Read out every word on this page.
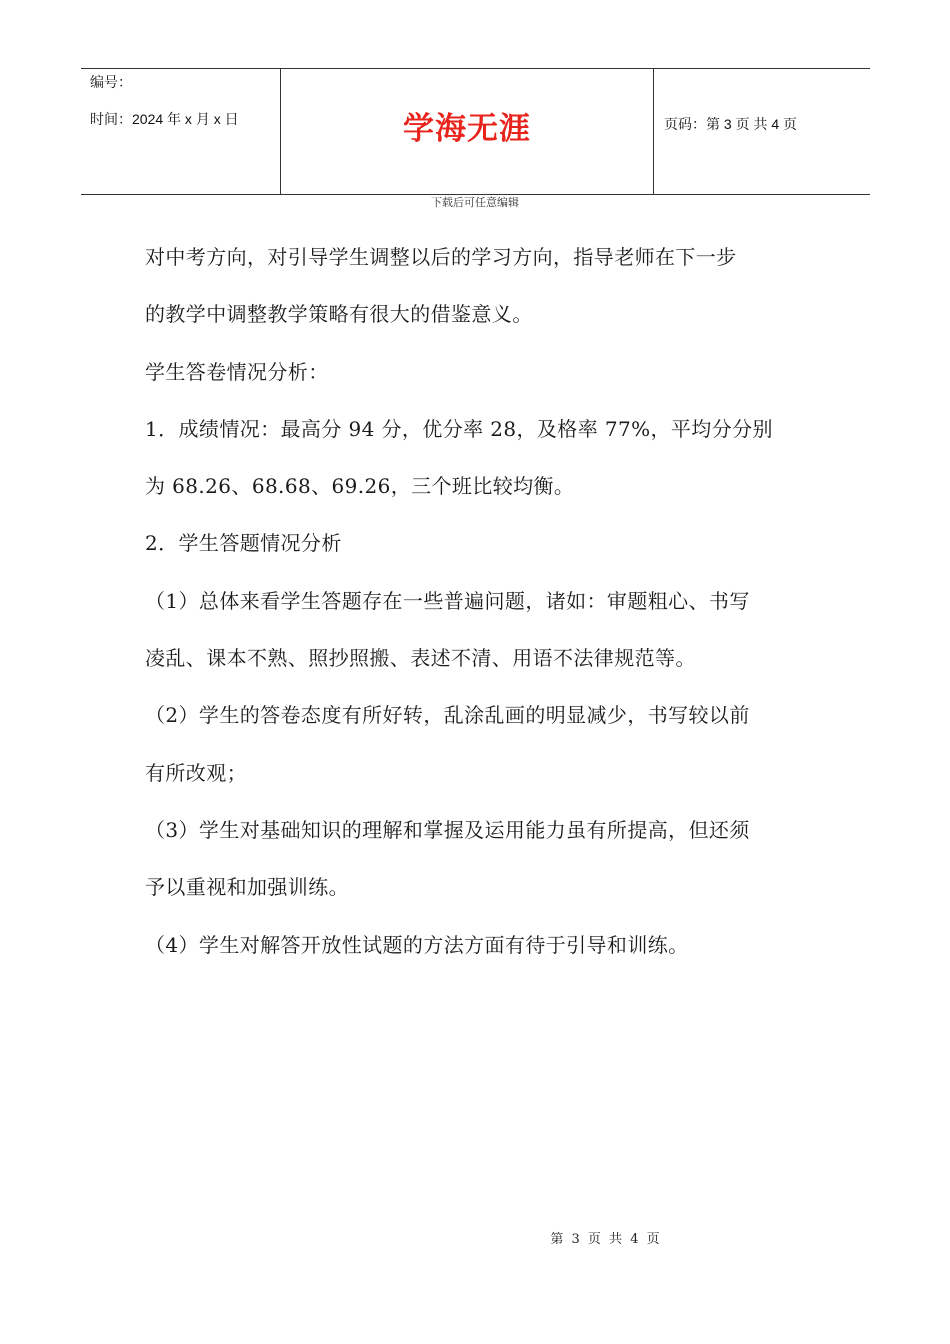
编号：
时间：2024 年 x 月 x 日	学海无涯	页码：第 3 页 共 4 页
下载后可任意编辑
对中考方向，对引导学生调整以后的学习方向，指导老师在下一步
的教学中调整教学策略有很大的借鉴意义。
学生答卷情况分析：
1．成绩情况：最高分 94 分，优分率 28，及格率 77%，平均分分别
为 68.26、68.68、69.26，三个班比较均衡。
2．学生答题情况分析
（1）总体来看学生答题存在一些普遍问题，诸如：审题粗心、书写
凌乱、课本不熟、照抄照搬、表述不清、用语不法律规范等。
（2）学生的答卷态度有所好转，乱涂乱画的明显减少，书写较以前
有所改观；
（3）学生对基础知识的理解和掌握及运用能力虽有所提高，但还须
予以重视和加强训练。
（4）学生对解答开放性试题的方法方面有待于引导和训练。
第 3 页 共 4 页
